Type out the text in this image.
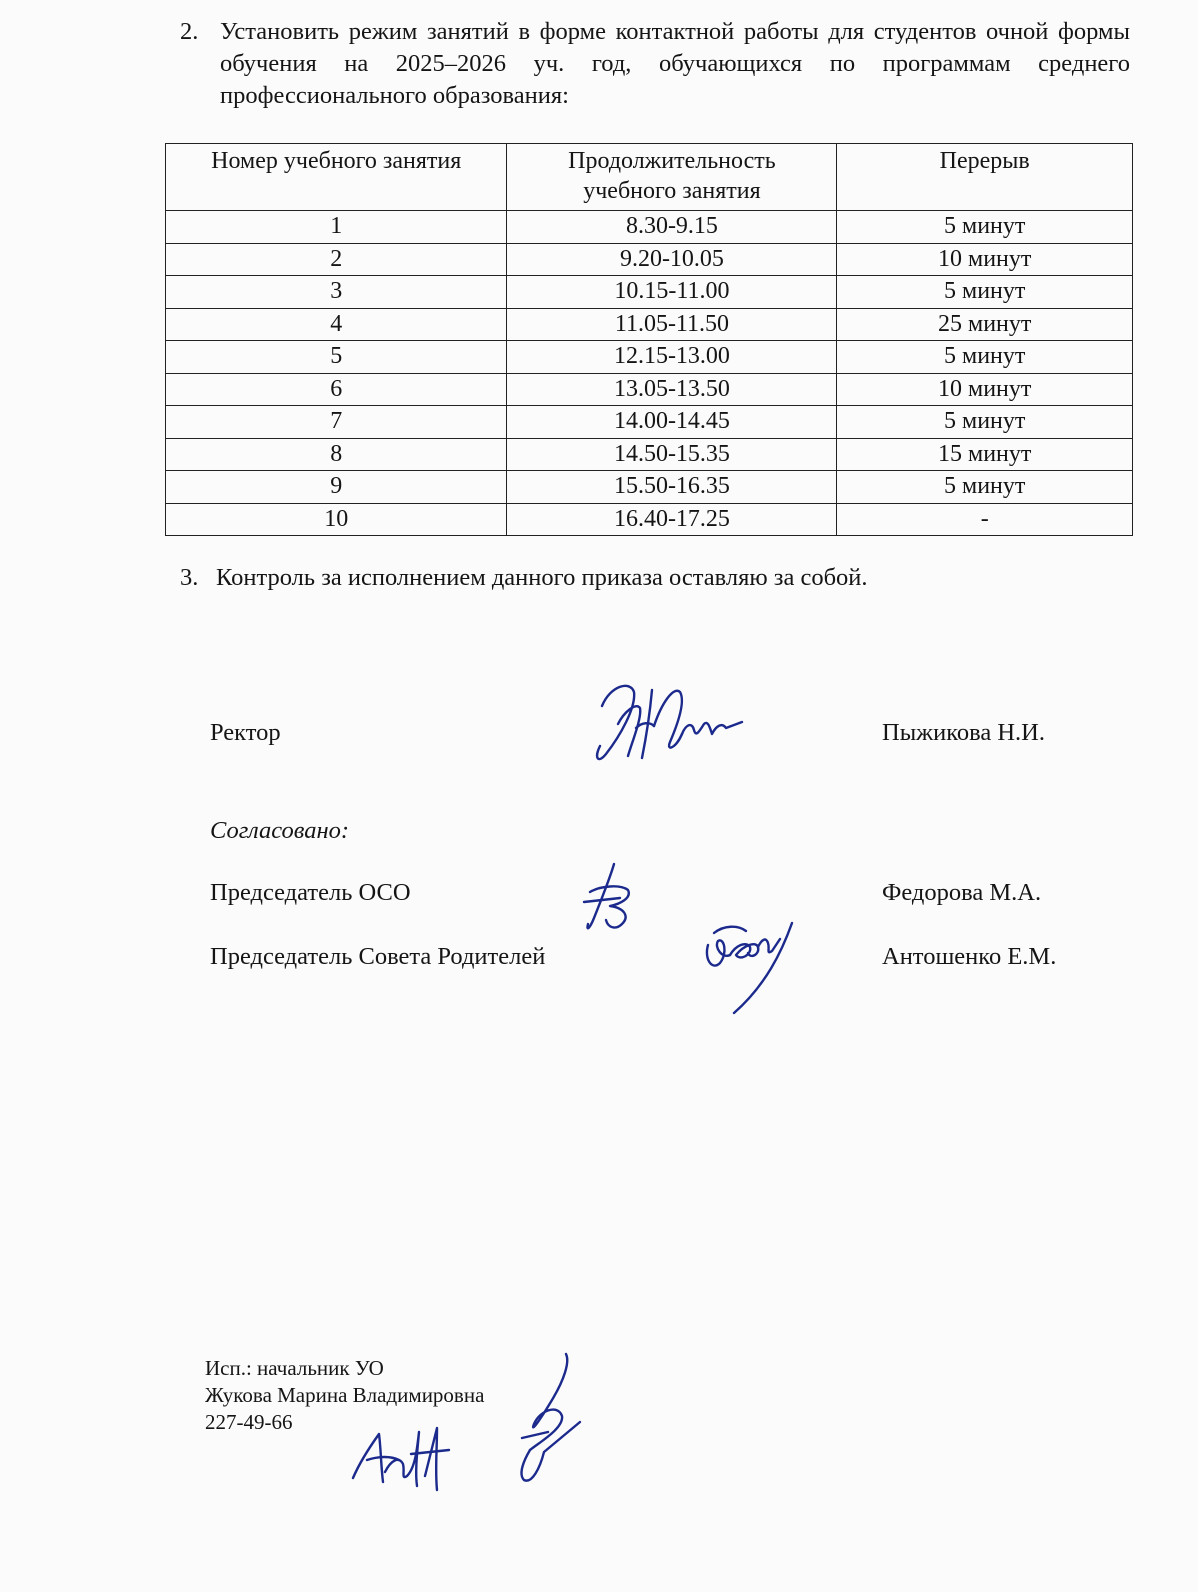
2. Установить режим занятий в форме контактной работы для студентов очной формы обучения на 2025–2026 уч. год, обучающихся по программам среднего профессионального образования:
Номер учебного занятия	Продолжительность учебного занятия	Перерыв
1	8.30-9.15	5 минут
2	9.20-10.05	10 минут
3	10.15-11.00	5 минут
4	11.05-11.50	25 минут
5	12.15-13.00	5 минут
6	13.05-13.50	10 минут
7	14.00-14.45	5 минут
8	14.50-15.35	15 минут
9	15.50-16.35	5 минут
10	16.40-17.25	-
3. Контроль за исполнением данного приказа оставляю за собой.
Ректор	Пыжикова Н.И.
Согласовано:
Председатель ОСО	Федорова М.А.
Председатель Совета Родителей	Антошенко Е.М.
Исп.: начальник УО
Жукова Марина Владимировна
227-49-66
